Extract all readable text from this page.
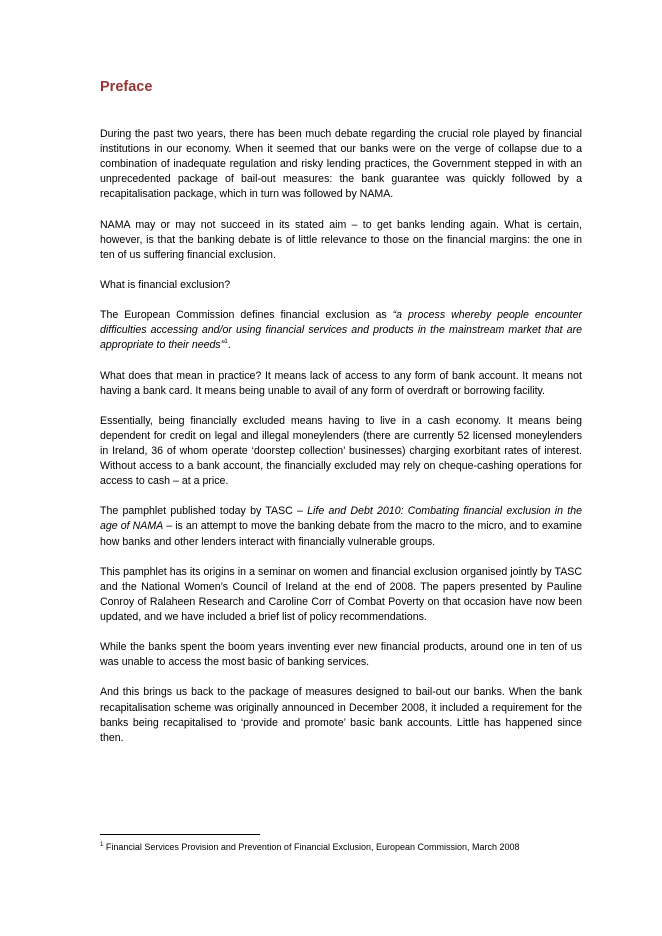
Preface

During the past two years, there has been much debate regarding the crucial role played by financial institutions in our economy. When it seemed that our banks were on the verge of collapse due to a combination of inadequate regulation and risky lending practices, the Government stepped in with an unprecedented package of bail-out measures: the bank guarantee was quickly followed by a recapitalisation package, which in turn was followed by NAMA.

NAMA may or may not succeed in its stated aim – to get banks lending again. What is certain, however, is that the banking debate is of little relevance to those on the financial margins: the one in ten of us suffering financial exclusion.

What is financial exclusion?

The European Commission defines financial exclusion as “a process whereby people encounter difficulties accessing and/or using financial services and products in the mainstream market that are appropriate to their needs”$^1$.

What does that mean in practice? It means lack of access to any form of bank account. It means not having a bank card. It means being unable to avail of any form of overdraft or borrowing facility.

Essentially, being financially excluded means having to live in a cash economy. It means being dependent for credit on legal and illegal moneylenders (there are currently 52 licensed moneylenders in Ireland, 36 of whom operate ‘doorstep collection’ businesses) charging exorbitant rates of interest. Without access to a bank account, the financially excluded may rely on cheque-cashing operations for access to cash – at a price.

The pamphlet published today by TASC – Life and Debt 2010: Combating financial exclusion in the age of NAMA – is an attempt to move the banking debate from the macro to the micro, and to examine how banks and other lenders interact with financially vulnerable groups.

This pamphlet has its origins in a seminar on women and financial exclusion organised jointly by TASC and the National Women’s Council of Ireland at the end of 2008. The papers presented by Pauline Conroy of Ralaheen Research and Caroline Corr of Combat Poverty on that occasion have now been updated, and we have included a brief list of policy recommendations.

While the banks spent the boom years inventing ever new financial products, around one in ten of us was unable to access the most basic of banking services.

And this brings us back to the package of measures designed to bail-out our banks. When the bank recapitalisation scheme was originally announced in December 2008, it included a requirement for the banks being recapitalised to ‘provide and promote’ basic bank accounts. Little has happened since then.

$^1$ Financial Services Provision and Prevention of Financial Exclusion, European Commission, March 2008
